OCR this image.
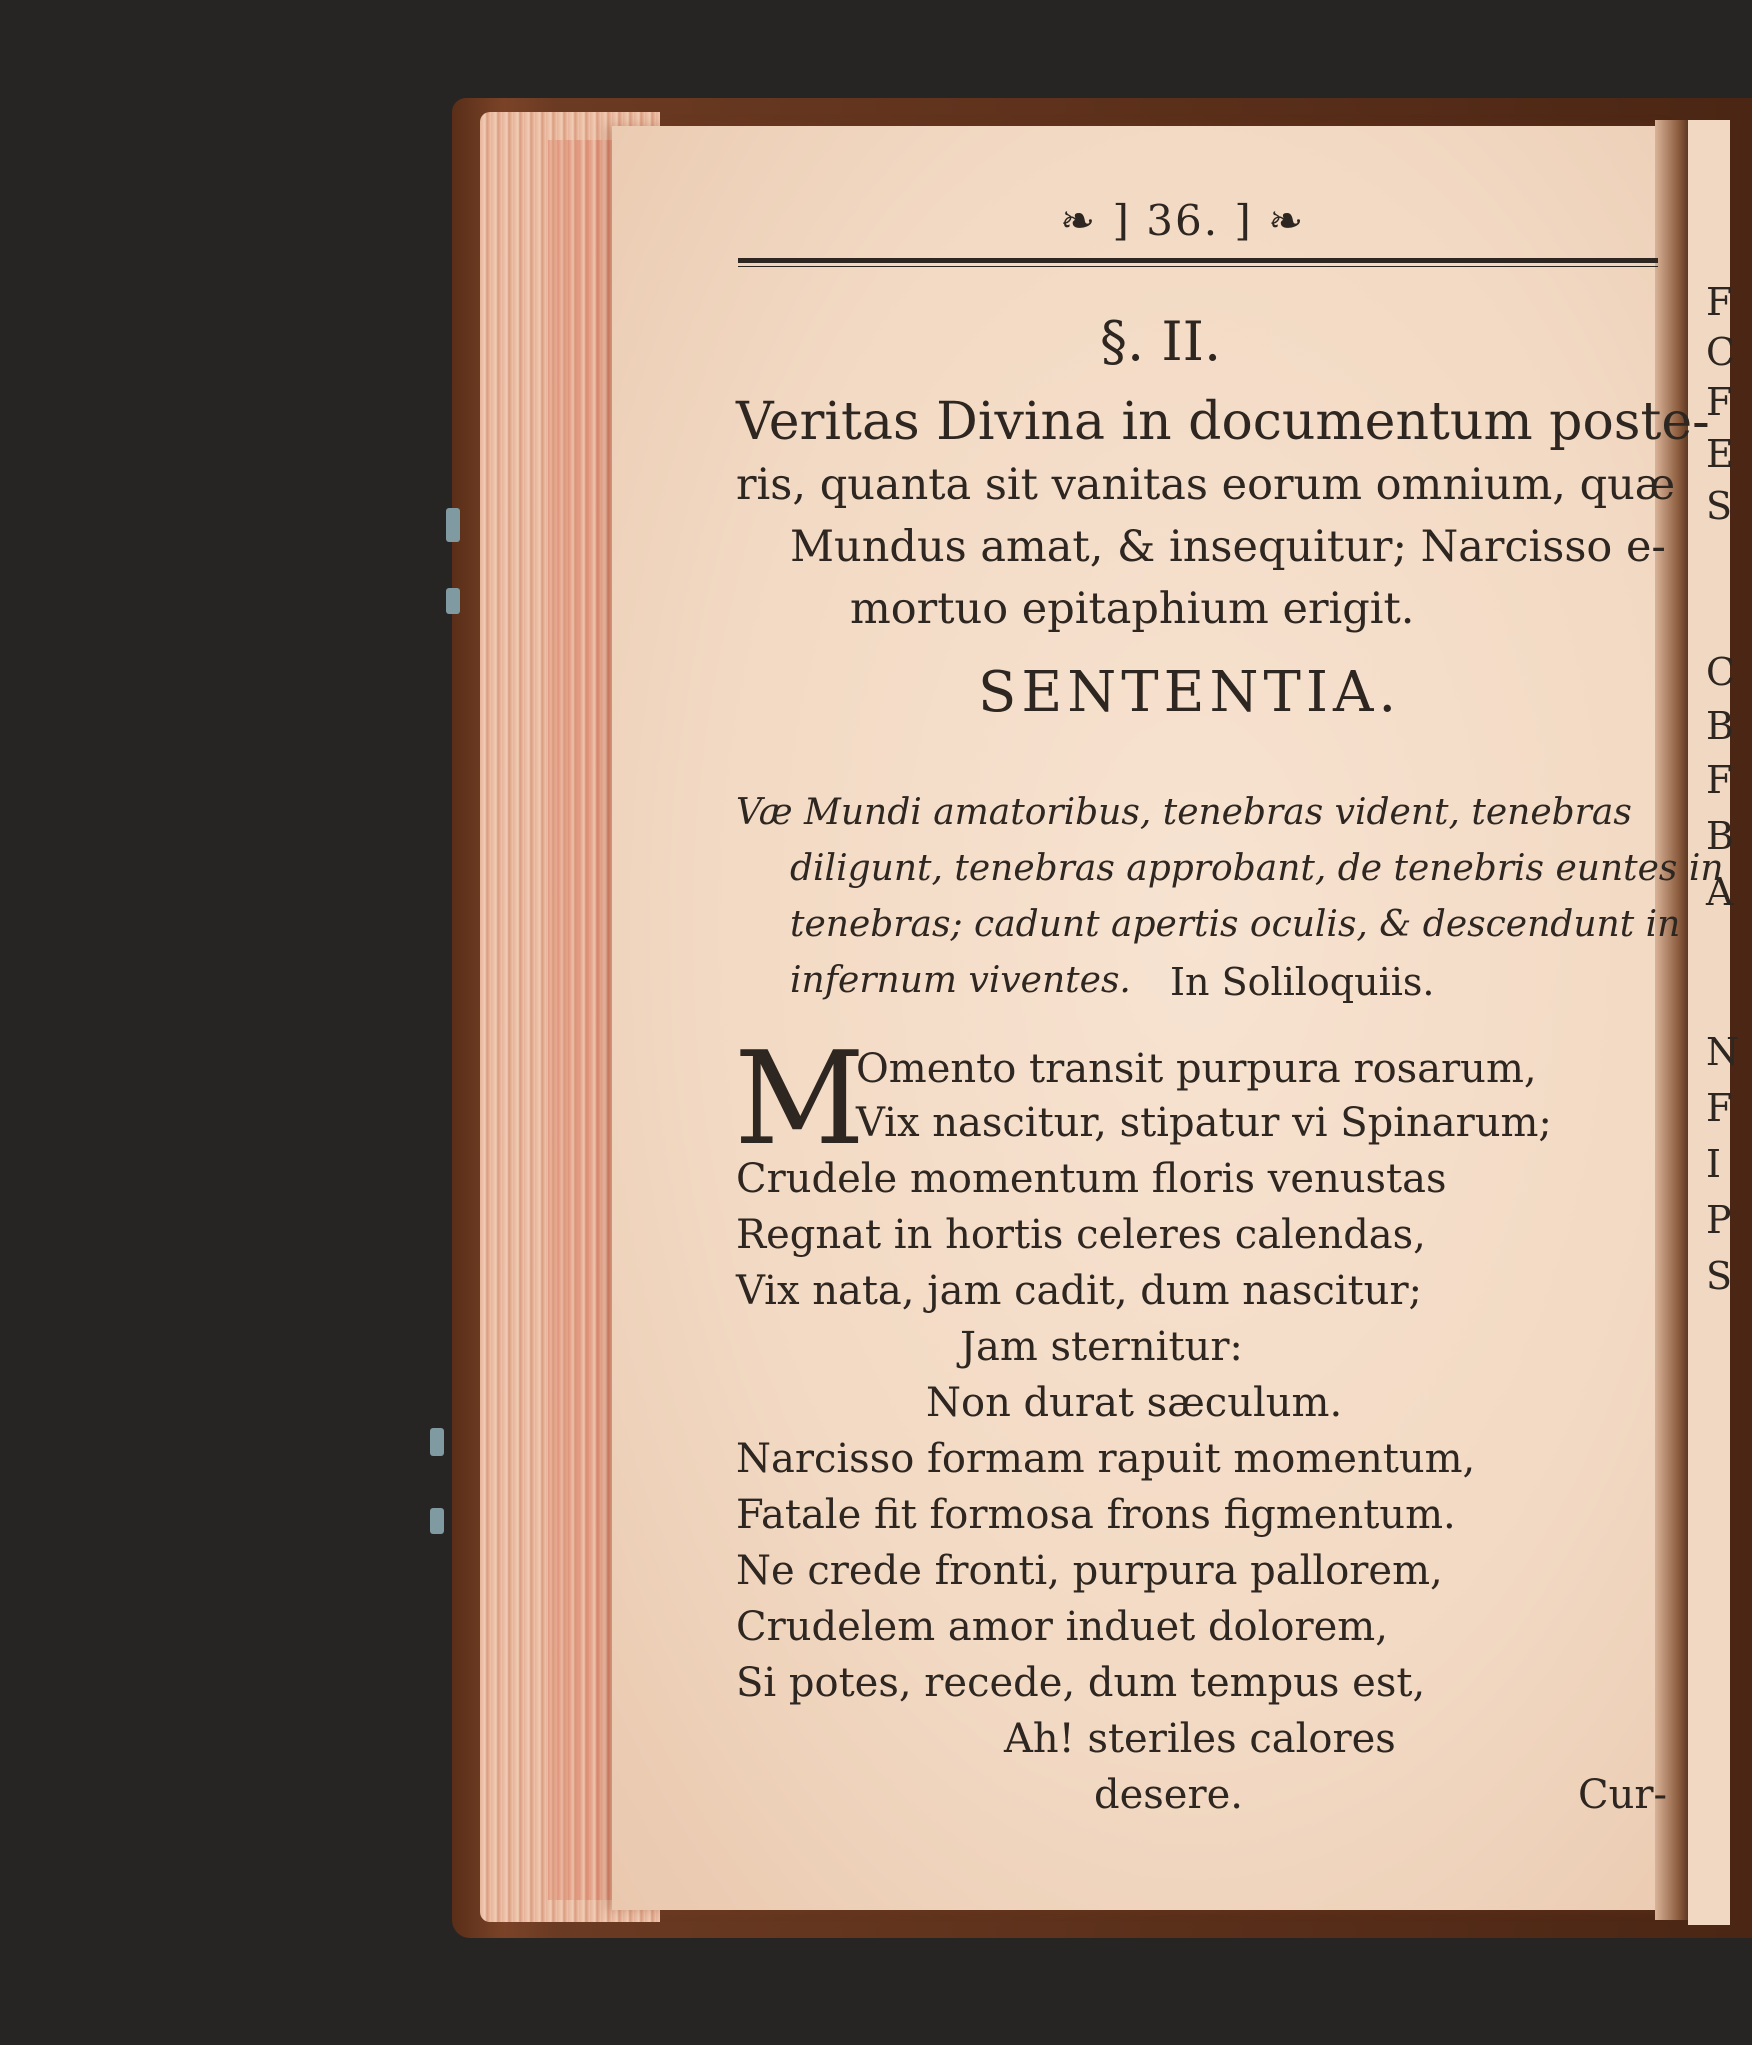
❧ ] 36. ] ❧
§. II.
Veritas Divina in documentum poste-
ris, quanta sit vanitas eorum omnium, quæ
Mundus amat, & insequitur; Narcisso e-
mortuo epitaphium erigit.
SENTENTIA.
Væ Mundi amatoribus, tenebras vident, tenebras
diligunt, tenebras approbant, de tenebris euntes in
tenebras; cadunt apertis oculis, & descendunt in
infernum viventes. In Soliloquiis.
M
Omento transit purpura rosarum,
Vix nascitur, stipatur vi Spinarum;
Crudele momentum floris venustas
Regnat in hortis celeres calendas,
Vix nata, jam cadit, dum nascitur;
Jam sternitur:
Non durat sæculum.
Narcisso formam rapuit momentum,
Fatale fit formosa frons figmentum.
Ne crede fronti, purpura pallorem,
Crudelem amor induet dolorem,
Si potes, recede, dum tempus est,
Ah! steriles calores
desere.	Cur-
F
C
F
E
S
C
B
F
B
A
N
F
I
P
S
